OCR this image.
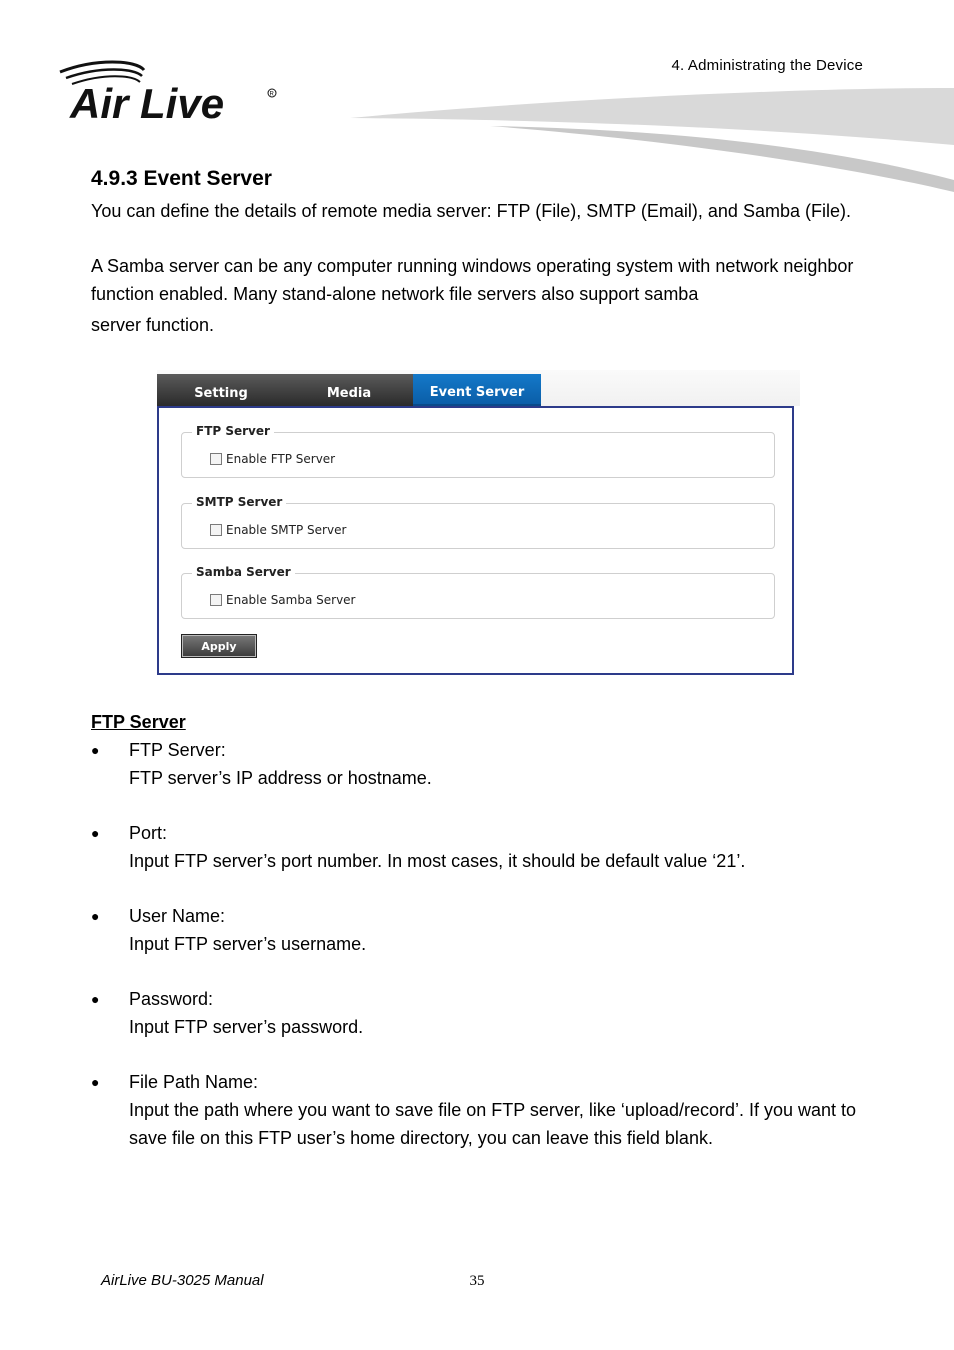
4. Administrating the Device
Air Live	R
4.9.3 Event Server
You can define the details of remote media server: FTP (File), SMTP (Email), and Samba (File).
A Samba server can be any computer running windows operating system with network neighbor function enabled. Many stand-alone network file servers also support samba
server function.
Setting	Media	Event Server
FTP Server
Enable FTP Server
SMTP Server
Enable SMTP Server
Samba Server
Enable Samba Server
Apply
FTP Server
● FTP Server:
FTP server’s IP address or hostname.
● Port:
Input FTP server’s port number. In most cases, it should be default value ‘21’.
● User Name:
Input FTP server’s username.
● Password:
Input FTP server’s password.
● File Path Name:
Input the path where you want to save file on FTP server, like ‘upload/record’. If you want to save file on this FTP user’s home directory, you can leave this field blank.
AirLive BU-3025 Manual	35
